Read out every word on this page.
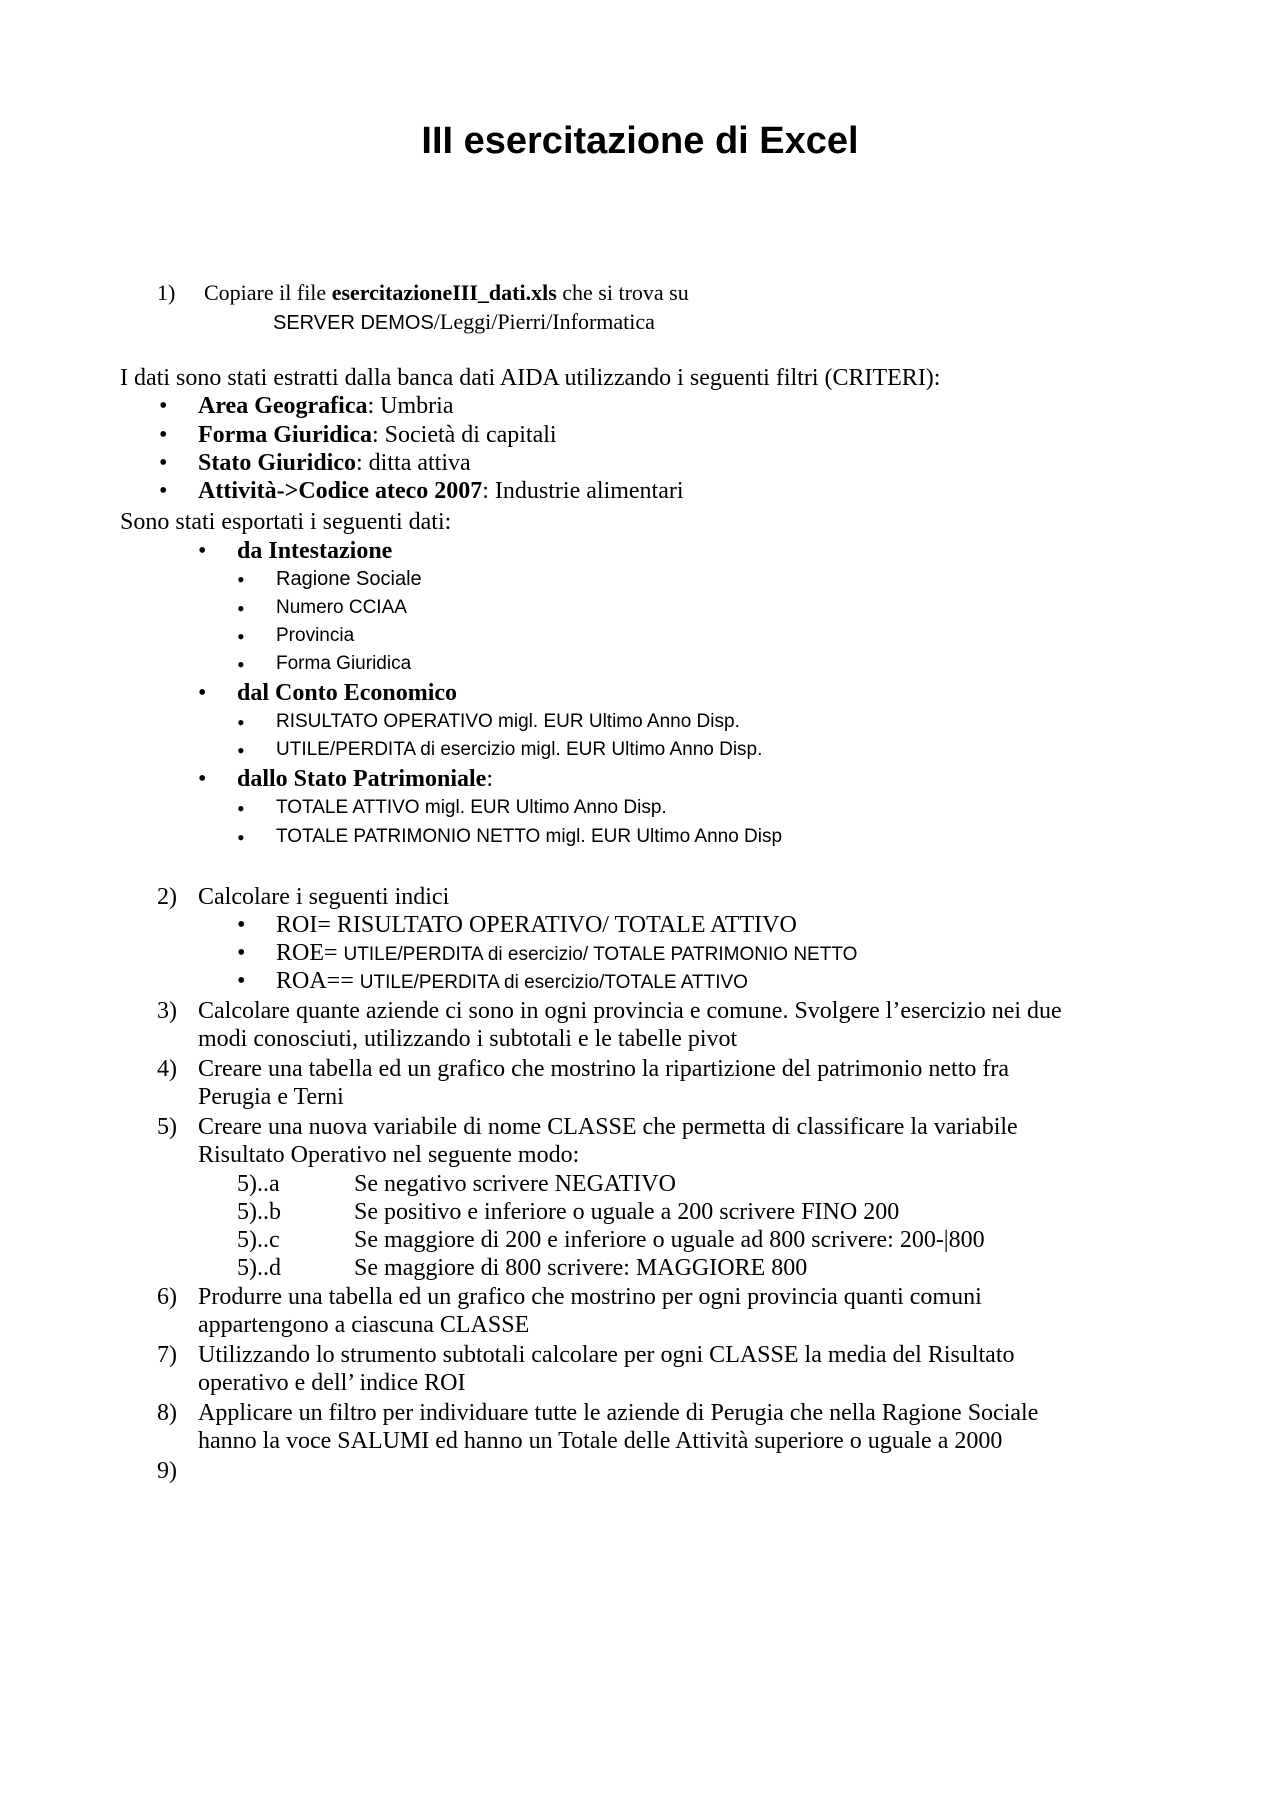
III esercitazione di Excel
1) Copiare il file esercitazioneIII_dati.xls che si trova su
SERVER DEMOS/Leggi/Pierri/Informatica
I dati sono stati estratti dalla banca dati AIDA utilizzando i seguenti filtri (CRITERI):
• Area Geografica: Umbria
• Forma Giuridica: Società di capitali
• Stato Giuridico: ditta attiva
• Attività->Codice ateco 2007: Industrie alimentari
Sono stati esportati i seguenti dati:
• da Intestazione
• Ragione Sociale
• Numero CCIAA
• Provincia
• Forma Giuridica
• dal Conto Economico
• RISULTATO OPERATIVO migl. EUR Ultimo Anno Disp.
• UTILE/PERDITA di esercizio migl. EUR Ultimo Anno Disp.
• dallo Stato Patrimoniale:
• TOTALE ATTIVO migl. EUR Ultimo Anno Disp.
• TOTALE PATRIMONIO NETTO migl. EUR Ultimo Anno Disp
2) Calcolare i seguenti indici
• ROI= RISULTATO OPERATIVO/ TOTALE ATTIVO
• ROE= UTILE/PERDITA di esercizio/ TOTALE PATRIMONIO NETTO
• ROA== UTILE/PERDITA di esercizio/TOTALE ATTIVO
3) Calcolare quante aziende ci sono in ogni provincia e comune. Svolgere l’esercizio nei due
modi conosciuti, utilizzando i subtotali e le tabelle pivot
4) Creare una tabella ed un grafico che mostrino la ripartizione del patrimonio netto fra
Perugia e Terni
5) Creare una nuova variabile di nome CLASSE che permetta di classificare la variabile
Risultato Operativo nel seguente modo:
5)..a	Se negativo scrivere NEGATIVO
5)..b	Se positivo e inferiore o uguale a 200 scrivere FINO 200
5)..c	Se maggiore di 200 e inferiore o uguale ad 800 scrivere: 200-|800
5)..d	Se maggiore di 800 scrivere: MAGGIORE 800
6) Produrre una tabella ed un grafico che mostrino per ogni provincia quanti comuni
appartengono a ciascuna CLASSE
7) Utilizzando lo strumento subtotali calcolare per ogni CLASSE la media del Risultato
operativo e dell’ indice ROI
8) Applicare un filtro per individuare tutte le aziende di Perugia che nella Ragione Sociale
hanno la voce SALUMI ed hanno un Totale delle Attività superiore o uguale a 2000
9)
